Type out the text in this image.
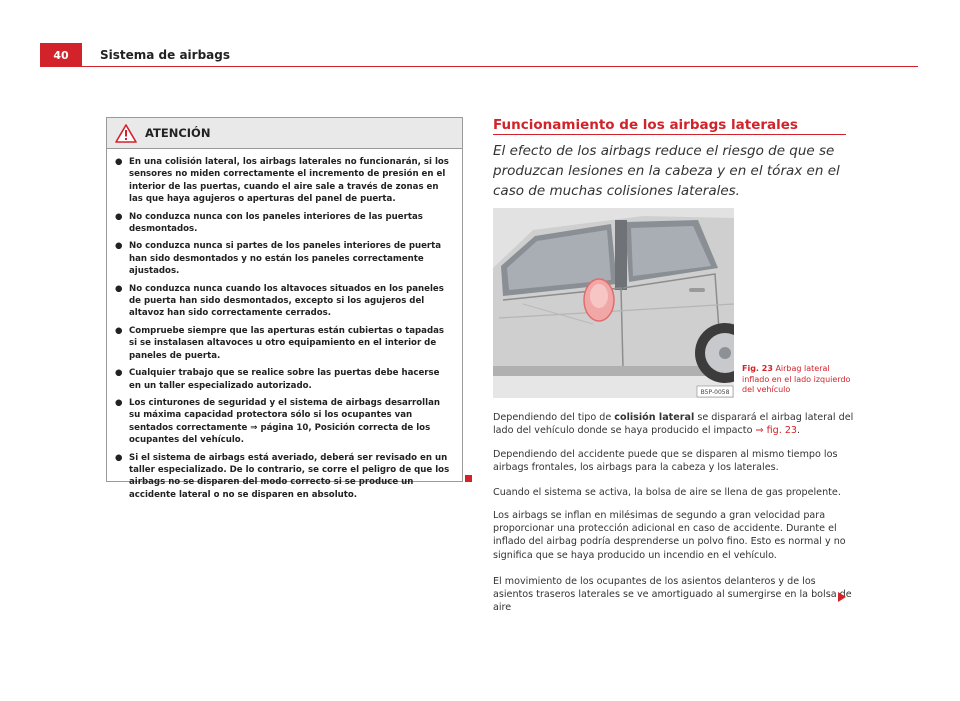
40	Sistema de airbags
ATENCIÓN
● En una colisión lateral, los airbags laterales no funcionarán, si los sensores no miden correctamente el incremento de presión en el interior de las puertas, cuando el aire sale a través de zonas en las que haya agujeros o aperturas del panel de puerta.
● No conduzca nunca con los paneles interiores de las puertas desmontados.
● No conduzca nunca si partes de los paneles interiores de puerta han sido desmontados y no están los paneles correctamente ajustados.
● No conduzca nunca cuando los altavoces situados en los paneles de puerta han sido desmontados, excepto si los agujeros del altavoz han sido correctamente cerrados.
● Compruebe siempre que las aperturas están cubiertas o tapadas si se instalasen altavoces u otro equipamiento en el interior de paneles de puerta.
● Cualquier trabajo que se realice sobre las puertas debe hacerse en un taller especializado autorizado.
● Los cinturones de seguridad y el sistema de airbags desarrollan su máxima capacidad protectora sólo si los ocupantes van sentados correctamente ⇒ página 10, Posición correcta de los ocupantes del vehículo.
● Si el sistema de airbags está averiado, deberá ser revisado en un taller especializado. De lo contrario, se corre el peligro de que los airbags no se disparen del modo correcto si se produce un accidente lateral o no se disparen en absoluto.
Funcionamiento de los airbags laterales
El efecto de los airbags reduce el riesgo de que se produzcan lesiones en la cabeza y en el tórax en el caso de muchas colisiones laterales.
B5P-0058
Fig. 23 Airbag lateral inflado en el lado izquierdo del vehículo
Dependiendo del tipo de colisión lateral se disparará el airbag lateral del lado del vehículo donde se haya producido el impacto ⇒ fig. 23.
Dependiendo del accidente puede que se disparen al mismo tiempo los airbags frontales, los airbags para la cabeza y los laterales.
Cuando el sistema se activa, la bolsa de aire se llena de gas propelente.
Los airbags se inflan en milésimas de segundo a gran velocidad para proporcionar una protección adicional en caso de accidente. Durante el inflado del airbag podría desprenderse un polvo fino. Esto es normal y no significa que se haya producido un incendio en el vehículo.
El movimiento de los ocupantes de los asientos delanteros y de los asientos traseros laterales se ve amortiguado al sumergirse en la bolsa de aire
